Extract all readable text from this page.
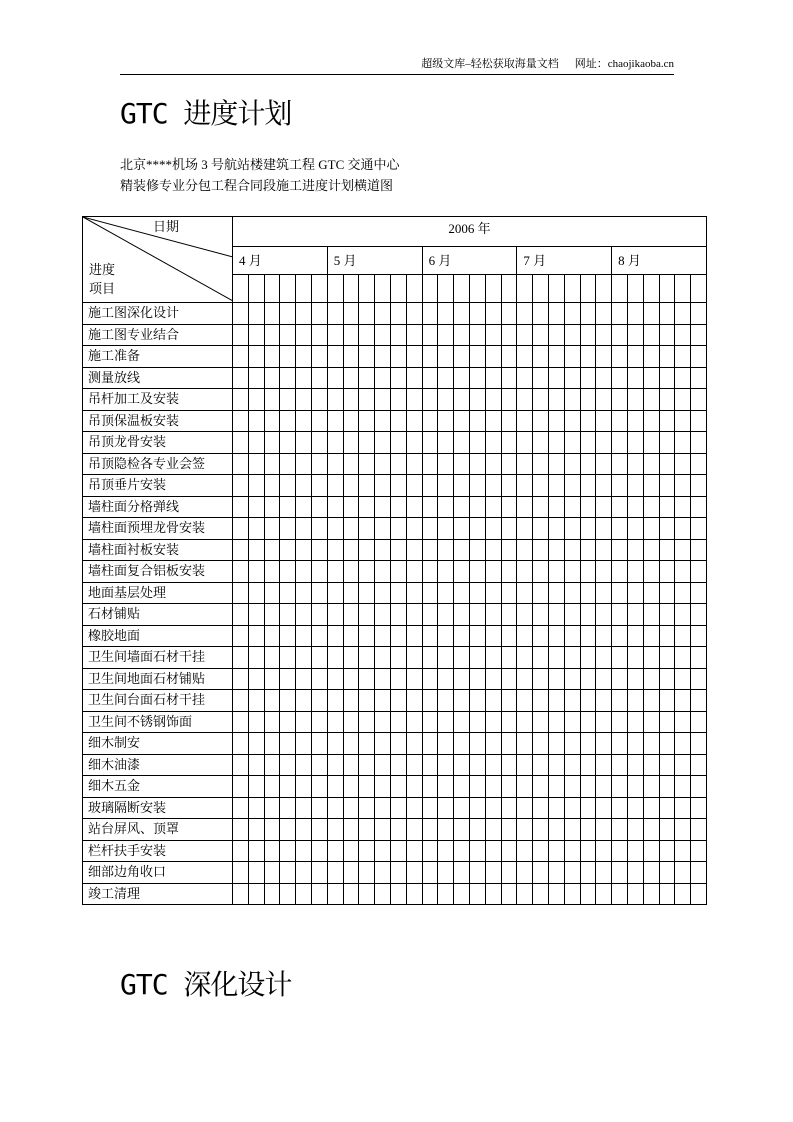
超级文库–轻松获取海量文档 网址：chaojikaoba.cn
GTC 进度计划
北京****机场 3 号航站楼建筑工程 GTC 交通中心
精装修专业分包工程合同段施工进度计划横道图
日期
进度
项目	2006 年																													
	4 月						5 月						6 月						7 月						8 月					

施工图深化设计																														
施工图专业结合																														
施工准备																														
测量放线																														
吊杆加工及安装																														
吊顶保温板安装																														
吊顶龙骨安装																														
吊顶隐检各专业会签																														
吊顶垂片安装																														
墙柱面分格弹线																														
墙柱面预埋龙骨安装																														
墙柱面衬板安装																														
墙柱面复合铝板安装																														
地面基层处理																														
石材铺贴																														
橡胶地面																														
卫生间墙面石材干挂																														
卫生间地面石材铺贴																														
卫生间台面石材干挂																														
卫生间不锈钢饰面																														
细木制安																														
细木油漆																														
细木五金																														
玻璃隔断安装																														
站台屏风、顶罩																														
栏杆扶手安装																														
细部边角收口																														
竣工清理																														
GTC 深化设计
